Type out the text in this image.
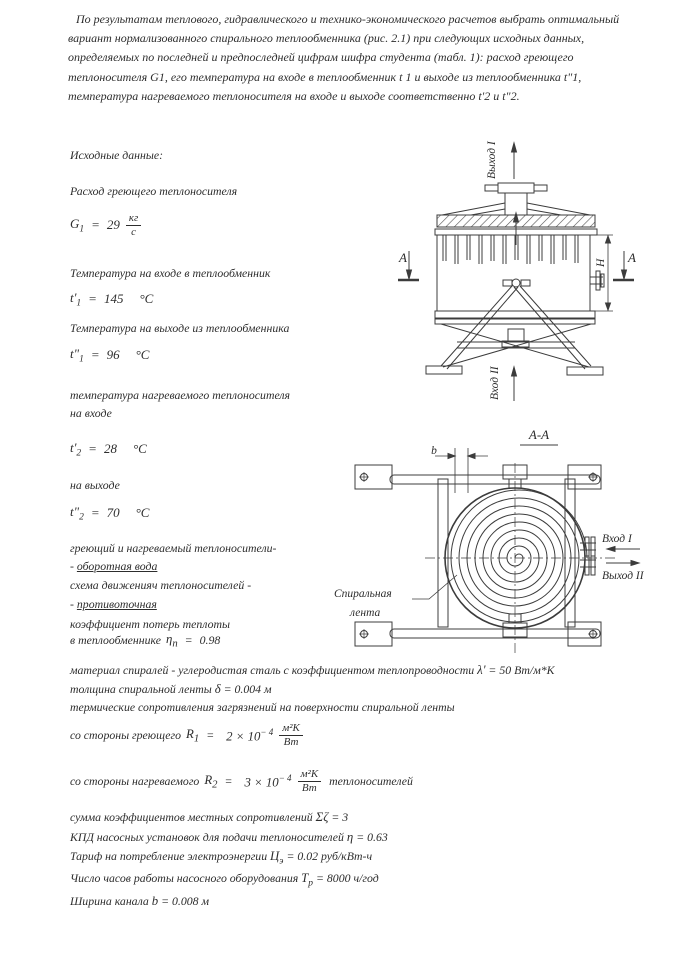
По результатам теплового, гидравлического и технико-экономического расчетов выбрать оптимальный вариант нормализованного спирального теплообменника (рис. 2.1) при следующих исходных данных, определяемых по последней и предпоследней цифрам шифра студента (табл. 1): расход греющего теплоносителя G1, его температура на входе в теплообменник t 1 и выходе из теплообменника t"1, температура нагреваемого теплоносителя на входе и выходе соответственно t'2 и t"2.

Исходные данные:

Расход греющего теплоносителя

$G_1 = 29 \frac{кг}{с}$

Температура на входе в теплообменник

$t'_1 = 145$ °C

Температура на выходе из теплообменника

$t"_1 = 96$ °C

температура нагреваемого теплоносителя

на входе

$t'_2 = 28$ °C

на выходе

$t"_2 = 70$ °C

греющий и нагреваемый теплоносители-

- оборотная вода

схема движенияч теплоносителей -

- противоточная

коэффициент потерь теплоты

в теплообменнике $\eta_п = 0.98$
Выход I
Вход II
A	A
H
A-A
b
Вход I
Выход II
Спиральная
лента

материал спиралей - углеродистая сталь с коэффициентом теплопроводности λ' = 50 Вт/м*К

толщина спиральной ленты δ = 0.004 м

термические сопротивления загрязнений на поверхности спиральной ленты

со стороны греющего $R_1 = 2 \times 10^{- 4} \frac{\text{м²К}}{Вт}$
со стороны нагреваемого $R_2 = 3 \times 10^{- 4} \frac{\text{м²К}}{Вт}$ теплоносителей

сумма коэффициентов местных сопротивлений Σζ = 3

КПД насосных установок для подачи теплоносителей η = 0.63

Тариф на потребление электроэнергии $Ц_э = 0.02$ руб/кВт-ч

Число часов работы насосного оборудования $T_р = 8000$ ч/год

Ширина канала b = 0.008 м
